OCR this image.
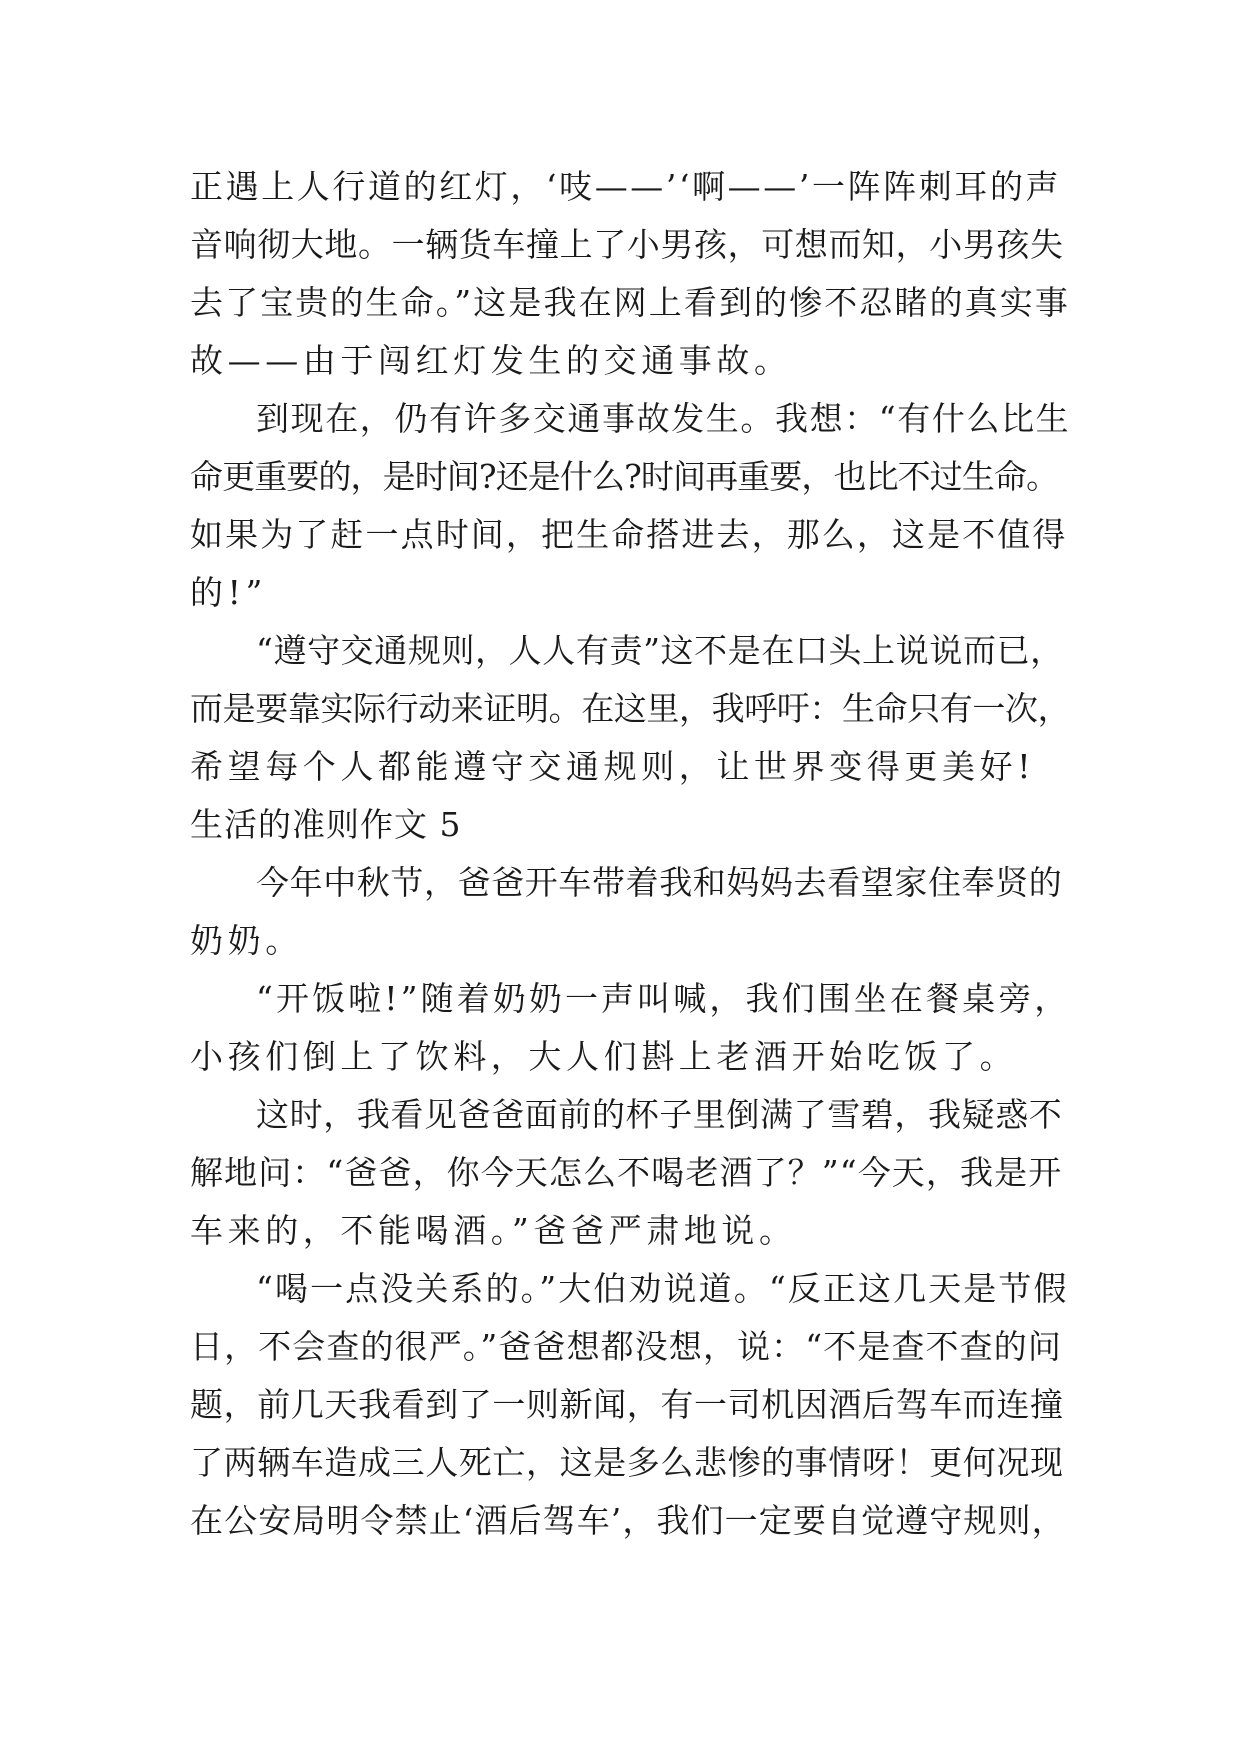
正遇上人行道的红灯，‘吱——’‘啊——’一阵阵刺耳的声
音响彻大地。一辆货车撞上了小男孩，可想而知，小男孩失
去了宝贵的生命。”这是我在网上看到的惨不忍睹的真实事
故——由于闯红灯发生的交通事故。
到现在，仍有许多交通事故发生。我想：“有什么比生
命更重要的，是时间?还是什么?时间再重要，也比不过生命。
如果为了赶一点时间，把生命搭进去，那么，这是不值得
的!”
“遵守交通规则，人人有责”这不是在口头上说说而已，
而是要靠实际行动来证明。在这里，我呼吁：生命只有一次，
希望每个人都能遵守交通规则，让世界变得更美好!
生活的准则作文 5
今年中秋节，爸爸开车带着我和妈妈去看望家住奉贤的
奶奶。
“开饭啦!”随着奶奶一声叫喊，我们围坐在餐桌旁，
小孩们倒上了饮料，大人们斟上老酒开始吃饭了。
这时，我看见爸爸面前的杯子里倒满了雪碧，我疑惑不
解地问：“爸爸，你今天怎么不喝老酒了？”“今天，我是开
车来的，不能喝酒。”爸爸严肃地说。
“喝一点没关系的。”大伯劝说道。“反正这几天是节假
日，不会查的很严。”爸爸想都没想，说：“不是查不查的问
题，前几天我看到了一则新闻，有一司机因酒后驾车而连撞
了两辆车造成三人死亡，这是多么悲惨的事情呀！更何况现
在公安局明令禁止‘酒后驾车’，我们一定要自觉遵守规则，
